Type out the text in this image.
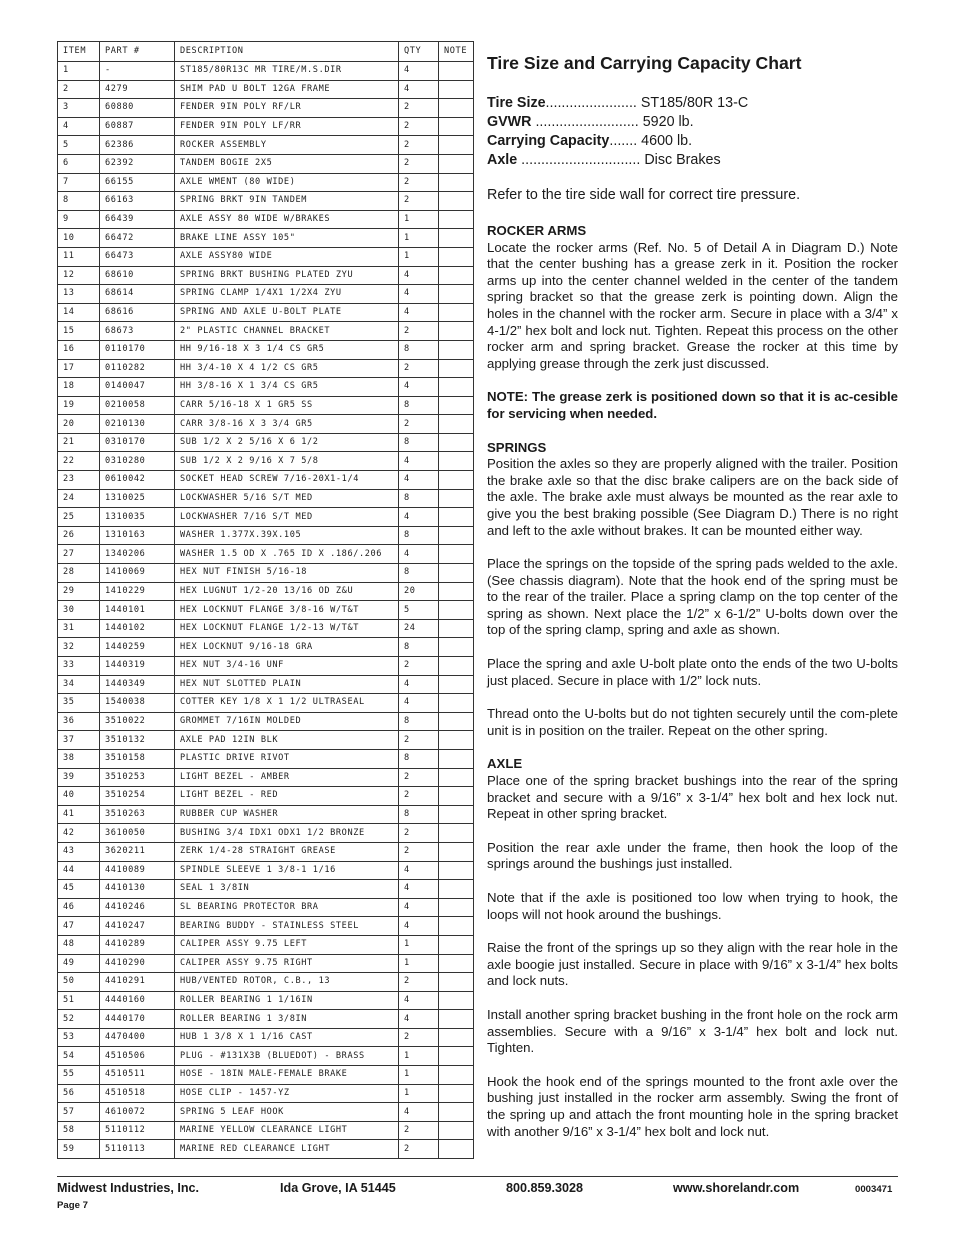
ITEM	PART #	DESCRIPTION	QTY	NOTE
1	-	ST185/80R13C MR TIRE/M.S.DIR	4	
2	4279	SHIM PAD U BOLT 12GA FRAME	4	
3	60880	FENDER 9IN POLY RF/LR	2	
4	60887	FENDER 9IN POLY LF/RR	2	
5	62386	ROCKER ASSEMBLY	2	
6	62392	TANDEM BOGIE 2X5	2	
7	66155	AXLE WMENT (80 WIDE)	2	
8	66163	SPRING BRKT 9IN TANDEM	2	
9	66439	AXLE ASSY 80 WIDE W/BRAKES	1	
10	66472	BRAKE LINE ASSY 105"	1	
11	66473	AXLE ASSY80 WIDE	1	
12	68610	SPRING BRKT BUSHING PLATED ZYU	4	
13	68614	SPRING CLAMP 1/4X1 1/2X4 ZYU	4	
14	68616	SPRING AND AXLE U-BOLT PLATE	4	
15	68673	2" PLASTIC CHANNEL BRACKET	2	
16	0110170	HH 9/16-18 X 3 1/4 CS GR5	8	
17	0110282	HH 3/4-10 X 4 1/2 CS GR5	2	
18	0140047	HH 3/8-16 X 1 3/4 CS GR5	4	
19	0210058	CARR 5/16-18 X 1 GR5 SS	8	
20	0210130	CARR 3/8-16 X 3 3/4 GR5	2	
21	0310170	SUB 1/2 X 2 5/16 X 6 1/2	8	
22	0310280	SUB 1/2 X 2 9/16 X 7 5/8	4	
23	0610042	SOCKET HEAD SCREW 7/16-20X1-1/4	4	
24	1310025	LOCKWASHER 5/16 S/T MED	8	
25	1310035	LOCKWASHER 7/16 S/T MED	4	
26	1310163	WASHER 1.377X.39X.105	8	
27	1340206	WASHER 1.5 OD X .765 ID X .186/.206	4	
28	1410069	HEX NUT FINISH 5/16-18	8	
29	1410229	HEX LUGNUT 1/2-20 13/16 OD Z&U	20	
30	1440101	HEX LOCKNUT FLANGE 3/8-16 W/T&T	5	
31	1440102	HEX LOCKNUT FLANGE 1/2-13 W/T&T	24	
32	1440259	HEX LOCKNUT 9/16-18 GRA	8	
33	1440319	HEX NUT 3/4-16 UNF	2	
34	1440349	HEX NUT SLOTTED PLAIN	4	
35	1540038	COTTER KEY 1/8 X 1 1/2 ULTRASEAL	4	
36	3510022	GROMMET 7/16IN MOLDED	8	
37	3510132	AXLE PAD 12IN BLK	2	
38	3510158	PLASTIC DRIVE RIVOT	8	
39	3510253	LIGHT BEZEL - AMBER	2	
40	3510254	LIGHT BEZEL - RED	2	
41	3510263	RUBBER CUP WASHER	8	
42	3610050	BUSHING 3/4 IDX1 ODX1 1/2 BRONZE	2	
43	3620211	ZERK 1/4-28 STRAIGHT GREASE	2	
44	4410089	SPINDLE SLEEVE 1 3/8-1 1/16	4	
45	4410130	SEAL 1 3/8IN	4	
46	4410246	SL BEARING PROTECTOR BRA	4	
47	4410247	BEARING BUDDY - STAINLESS STEEL	4	
48	4410289	CALIPER ASSY 9.75 LEFT	1	
49	4410290	CALIPER ASSY 9.75 RIGHT	1	
50	4410291	HUB/VENTED ROTOR, C.B., 13	2	
51	4440160	ROLLER BEARING 1 1/16IN	4	
52	4440170	ROLLER BEARING 1 3/8IN	4	
53	4470400	HUB 1 3/8 X 1 1/16 CAST	2	
54	4510506	PLUG - #131X3B (BLUEDOT) - BRASS	1	
55	4510511	HOSE - 18IN MALE-FEMALE BRAKE	1	
56	4510518	HOSE CLIP - 1457-YZ	1	
57	4610072	SPRING 5 LEAF HOOK	4	
58	5110112	MARINE YELLOW CLEARANCE LIGHT	2	
59	5110113	MARINE RED CLEARANCE LIGHT	2	
Tire Size and Carrying Capacity Chart
Tire Size....................... ST185/80R 13-C
GVWR .......................... 5920 lb.
Carrying Capacity....... 4600 lb.
Axle .............................. Disc Brakes
Refer to the tire side wall for correct tire pressure.
ROCKER ARMS

Locate the rocker arms (Ref. No. 5 of Detail A in Diagram D.) Note that the center bushing has a grease zerk in it. Position the rocker arms up into the center channel welded in the center of the tandem spring bracket so that the grease zerk is pointing down. Align the holes in the channel with the rocker arm. Secure in place with a 3/4” x 4-1/2” hex bolt and lock nut. Tighten. Repeat this process on the other rocker arm and spring bracket. Grease the rocker at this time by applying grease through the zerk just discussed.

NOTE: The grease zerk is positioned down so that it is ac-cesible for servicing when needed.

SPRINGS

Position the axles so they are properly aligned with the trailer. Position the brake axle so that the disc brake calipers are on the back side of the axle. The brake axle must always be mounted as the rear axle to give you the best braking possible (See Diagram D.) There is no right and left to the axle without brakes. It can be mounted either way.

Place the springs on the topside of the spring pads welded to the axle. (See chassis diagram). Note that the hook end of the spring must be to the rear of the trailer. Place a spring clamp on the top center of the spring as shown. Next place the 1/2” x 6-1/2” U-bolts down over the top of the spring clamp, spring and axle as shown.

Place the spring and axle U-bolt plate onto the ends of the two U-bolts just placed. Secure in place with 1/2” lock nuts.

Thread onto the U-bolts but do not tighten securely until the com-plete unit is in position on the trailer. Repeat on the other spring.

AXLE

Place one of the spring bracket bushings into the rear of the spring bracket and secure with a 9/16” x 3-1/4” hex bolt and hex lock nut. Repeat in other spring bracket.

Position the rear axle under the frame, then hook the loop of the springs around the bushings just installed.

Note that if the axle is positioned too low when trying to hook, the loops will not hook around the bushings.

Raise the front of the springs up so they align with the rear hole in the axle boogie just installed. Secure in place with 9/16” x 3-1/4” hex bolts and lock nuts.

Install another spring bracket bushing in the front hole on the rock arm assemblies. Secure with a 9/16” x 3-1/4” hex bolt and lock nut. Tighten.

Hook the hook end of the springs mounted to the front axle over the bushing just installed in the rocker arm assembly. Swing the front of the spring up and attach the front mounting hole in the spring bracket with another 9/16” x 3-1/4” hex bolt and lock nut.

Midwest Industries, Inc.	Ida Grove, IA 51445	800.859.3028	www.shorelandr.com	0003471
Page 7
